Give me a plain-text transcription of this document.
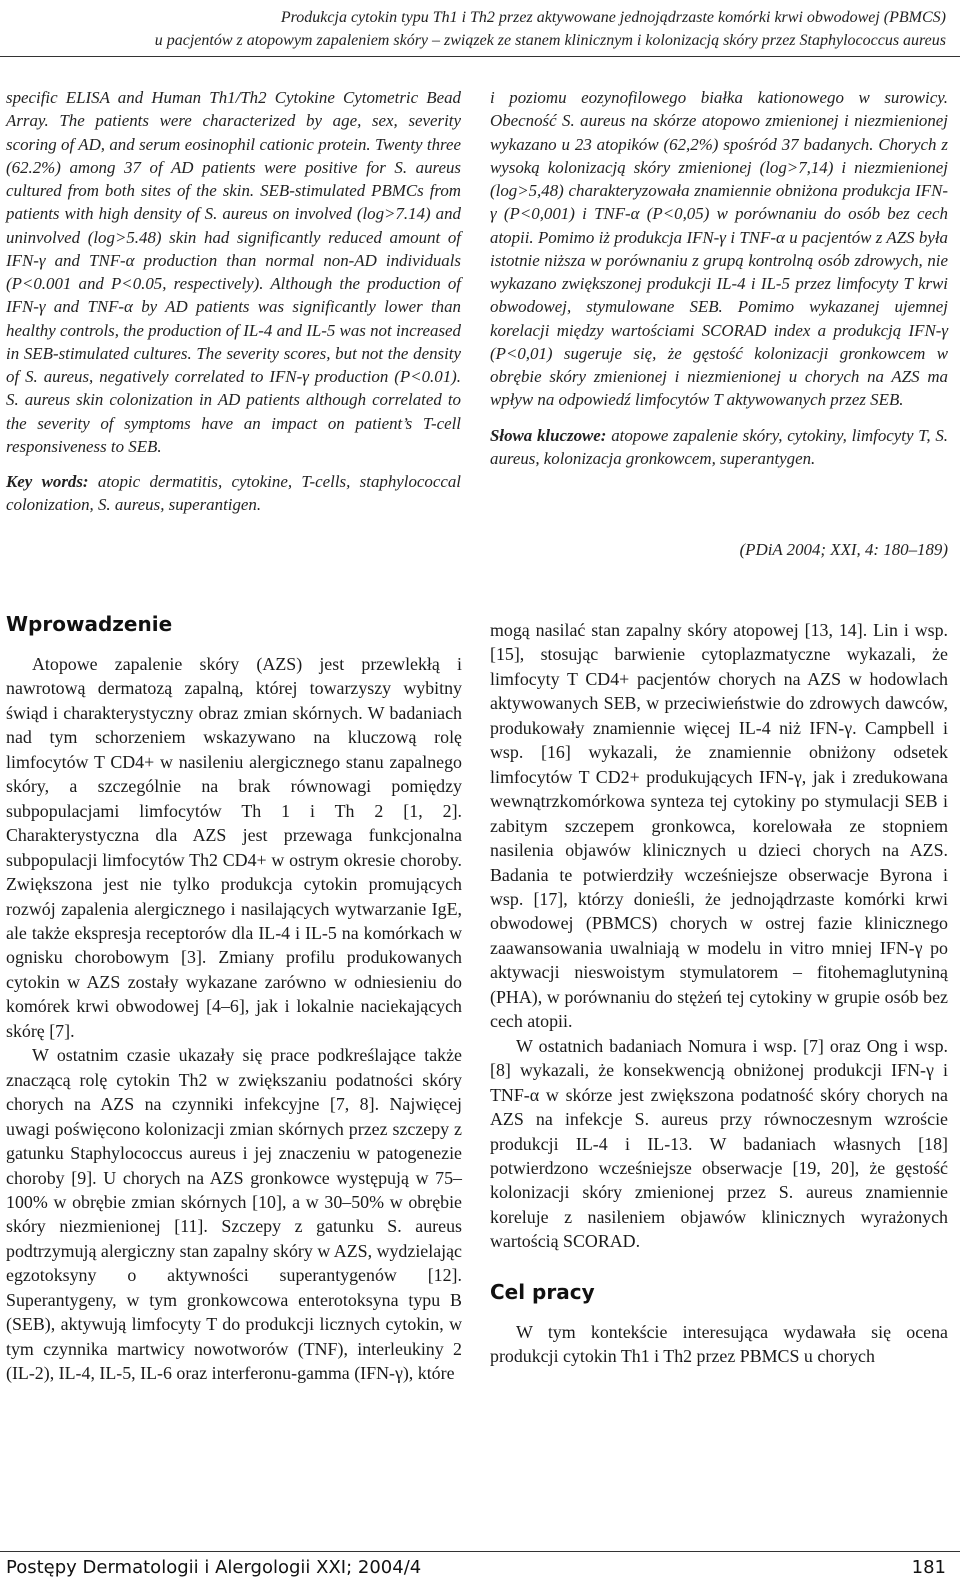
Produkcja cytokin typu Th1 i Th2 przez aktywowane jednojądrzaste komórki krwi obwodowej (PBMCS)
u pacjentów z atopowym zapaleniem skóry – związek ze stanem klinicznym i kolonizacją skóry przez Staphylococcus aureus

specific ELISA and Human Th1/Th2 Cytokine Cytometric Bead Array. The patients were characterized by age, sex, severity scoring of AD, and serum eosinophil cationic protein. Twenty three (62.2%) among 37 of AD patients were positive for S. aureus cultured from both sites of the skin. SEB-stimulated PBMCs from patients with high density of S. aureus on involved (log>7.14) and uninvolved (log>5.48) skin had significantly reduced amount of IFN-γ and TNF-α production than normal non-AD individuals (P<0.001 and P<0.05, respectively). Although the production of IFN-γ and TNF-α by AD patients was significantly lower than healthy controls, the production of IL-4 and IL-5 was not increased in SEB-stimulated cultures. The severity scores, but not the density of S. aureus, negatively correlated to IFN-γ production (P<0.01). S. aureus skin colonization in AD patients although correlated to the severity of symptoms have an impact on patient’s T-cell responsiveness to SEB.

Key words: atopic dermatitis, cytokine, T-cells, staphylococcal colonization, S. aureus, superantigen.

i poziomu eozynofilowego białka kationowego w surowicy. Obecność S. aureus na skórze atopowo zmienionej i niezmienionej wykazano u 23 atopików (62,2%) spośród 37 badanych. Chorych z wysoką kolonizacją skóry zmienionej (log>7,14) i niezmienionej (log>5,48) charakteryzowała znamiennie obniżona produkcja IFN-γ (P<0,001) i TNF-α (P<0,05) w porównaniu do osób bez cech atopii. Pomimo iż produkcja IFN-γ i TNF-α u pacjentów z AZS była istotnie niższa w porównaniu z grupą kontrolną osób zdrowych, nie wykazano zwiększonej produkcji IL-4 i IL-5 przez limfocyty T krwi obwodowej, stymulowane SEB. Pomimo wykazanej ujemnej korelacji między wartościami SCORAD index a produkcją IFN-γ (P<0,01) sugeruje się, że gęstość kolonizacji gronkowcem w obrębie skóry zmienionej i niezmienionej u chorych na AZS ma wpływ na odpowiedź limfocytów T aktywowanych przez SEB.

Słowa kluczowe: atopowe zapalenie skóry, cytokiny, limfocyty T, S. aureus, kolonizacja gronkowcem, superantygen.

(PDiA 2004; XXI, 4: 180–189)
Wprowadzenie

Atopowe zapalenie skóry (AZS) jest przewlekłą i nawrotową dermatozą zapalną, której towarzyszy wybitny świąd i charakterystyczny obraz zmian skórnych. W badaniach nad tym schorzeniem wskazywano na kluczową rolę limfocytów T CD4+ w nasileniu alergicznego stanu zapalnego skóry, a szczególnie na brak równowagi pomiędzy subpopulacjami limfocytów Th 1 i Th 2 [1, 2]. Charakterystyczna dla AZS jest przewaga funkcjonalna subpopulacji limfocytów Th2 CD4+ w ostrym okresie choroby. Zwiększona jest nie tylko produkcja cytokin promujących rozwój zapalenia alergicznego i nasilających wytwarzanie IgE, ale także ekspresja receptorów dla IL-4 i IL-5 na komórkach w ognisku chorobowym [3]. Zmiany profilu produkowanych cytokin w AZS zostały wykazane zarówno w odniesieniu do komórek krwi obwodowej [4–6], jak i lokalnie naciekających skórę [7].

W ostatnim czasie ukazały się prace podkreślające także znaczącą rolę cytokin Th2 w zwiększaniu podatności skóry chorych na AZS na czynniki infekcyjne [7, 8]. Najwięcej uwagi poświęcono kolonizacji zmian skórnych przez szczepy z gatunku Staphylococcus aureus i jej znaczeniu w patogenezie choroby [9]. U chorych na AZS gronkowce występują w 75–100% w obrębie zmian skórnych [10], a w 30–50% w obrębie skóry niezmienionej [11]. Szczepy z gatunku S. aureus podtrzymują alergiczny stan zapalny skóry w AZS, wydzielając egzotoksyny o aktywności superantygenów [12]. Superantygeny, w tym gronkowcowa enterotoksyna typu B (SEB), aktywują limfocyty T do produkcji licznych cytokin, w tym czynnika martwicy nowotworów (TNF), interleukiny 2 (IL-2), IL-4, IL-5, IL-6 oraz interferonu-gamma (IFN-γ), które

mogą nasilać stan zapalny skóry atopowej [13, 14]. Lin i wsp. [15], stosując barwienie cytoplazmatyczne wykazali, że limfocyty T CD4+ pacjentów chorych na AZS w hodowlach aktywowanych SEB, w przeciwieństwie do zdrowych dawców, produkowały znamiennie więcej IL-4 niż IFN-γ. Campbell i wsp. [16] wykazali, że znamiennie obniżony odsetek limfocytów T CD2+ produkujących IFN-γ, jak i zredukowana wewnątrzkomórkowa synteza tej cytokiny po stymulacji SEB i zabitym szczepem gronkowca, korelowała ze stopniem nasilenia objawów klinicznych u dzieci chorych na AZS. Badania te potwierdziły wcześniejsze obserwacje Byrona i wsp. [17], którzy donieśli, że jednojądrzaste komórki krwi obwodowej (PBMCS) chorych w ostrej fazie klinicznego zaawansowania uwalniają w modelu in vitro mniej IFN-γ po aktywacji nieswoistym stymulatorem – fitohemaglutyniną (PHA), w porównaniu do stężeń tej cytokiny w grupie osób bez cech atopii.

W ostatnich badaniach Nomura i wsp. [7] oraz Ong i wsp. [8] wykazali, że konsekwencją obniżonej produkcji IFN-γ i TNF-α w skórze jest zwiększona podatność skóry chorych na AZS na infekcje S. aureus przy równoczesnym wzroście produkcji IL-4 i IL-13. W badaniach własnych [18] potwierdzono wcześniejsze obserwacje [19, 20], że gęstość kolonizacji skóry zmienionej przez S. aureus znamiennie koreluje z nasileniem objawów klinicznych wyrażonych wartością SCORAD.

Cel pracy

W tym kontekście interesująca wydawała się ocena produkcji cytokin Th1 i Th2 przez PBMCS u chorych

Postępy Dermatologii i Alergologii XXI; 2004/4	181
